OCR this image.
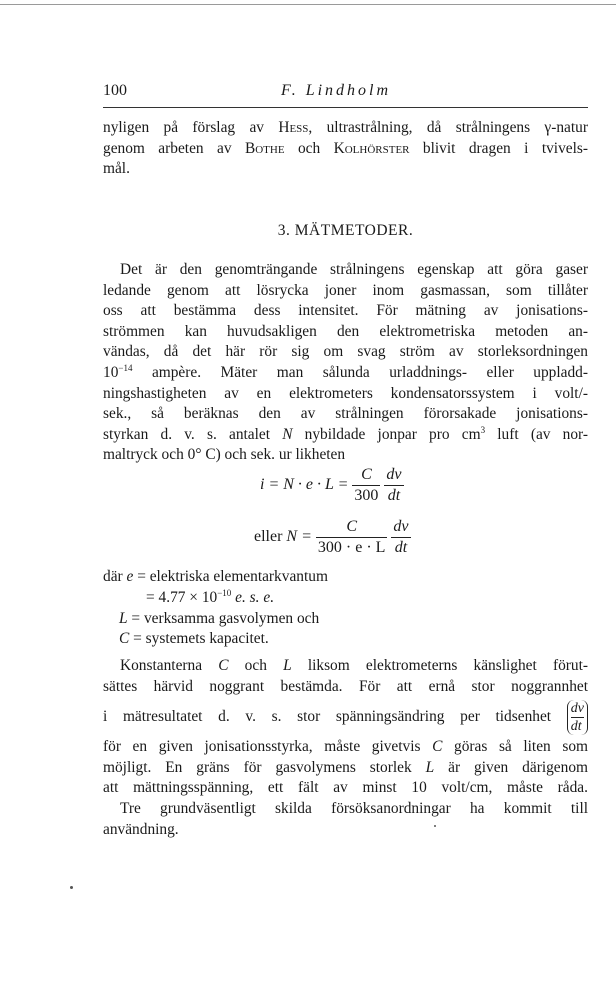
100	F. Lindholm

nyligen på förslag av Hess, ultrastrålning, då strålningens γ-natur

genom arbeten av Bothe och Kolhörster blivit dragen i tvivels-

mål.

3. MÄTMETODER.

Det är den genomträngande strålningens egenskap att göra gaser

ledande genom att lösrycka joner inom gasmassan, som tillåter

oss att bestämma dess intensitet. För mätning av jonisations-

strömmen kan huvudsakligen den elektrometriska metoden an-

vändas, då det här rör sig om svag ström av storleksordningen

$10^{-14}$ ampère. Mäter man sålunda urladdnings- eller uppladd-

ningshastigheten av en elektrometers kondensatorssystem i volt/-

sek., så beräknas den av strålningen förorsakade jonisations-

styrkan d. v. s. antalet N nybildade jonpar pro $cm^3$ luft (av nor-

maltryck och 0° C) och sek. ur likheten

$i = N \cdot e \cdot L = \frac{C}{300}$
$\frac{dv}{dt}$
eller $N = \frac{C}{300 \cdot e \cdot L}$
$\frac{dv}{dt}$
där e = elektriska elementarkvantum
= $4.77 \times 10^{-10}$ e. s. e.
L = verksamma gasvolymen och
C = systemets kapacitet.

Konstanterna C och L liksom elektrometerns känslighet förut-

sättes härvid noggrant bestämda. För att ernå stor noggrannhet

i mätresultatet d. v. s. stor spänningsändring per tidsenhet $\frac{dv}{dt}$

för en given jonisationsstyrka, måste givetvis C göras så liten som

möjligt. En gräns för gasvolymens storlek L är given därigenom

att mättningsspänning, ett fält av minst 10 volt/cm, måste råda.

Tre grundväsentligt skilda försöksanordningar ha kommit till

användning.
